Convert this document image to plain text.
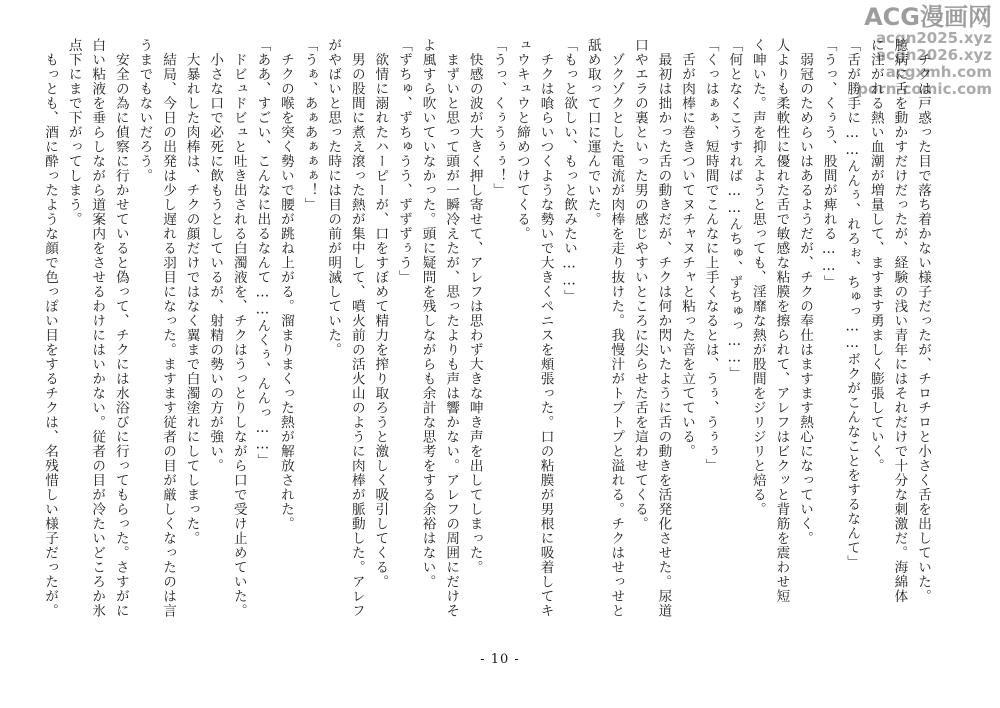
ACG漫画网
acgn2025.xyz
acgn2026.xyz
acgxmh.com
porn-comic.com

　チクは戸惑った目で落ち着かない様子だったが、チロチロと小さく舌を出していた。

臆病に舌を動かすだけだったが、経験の浅い青年にはそれだけで十分な刺激だ。海綿体

に注がれる熱い血潮が増量して、ますます勇ましく膨張していく。

「舌が勝手に……んんぅ、れろぉ、ちゅっ……ボクがこんなことをするなんて」

「うっ、くぅう、股間が痺れる……」

　弱冠のためらいはあるようだが、チクの奉仕はますます熱心になっていく。

人よりも柔軟性に優れた舌で敏感な粘膜を擦られて、アレフはビクッと背筋を震わせ短

く呻いた。声を抑えようと思っても、淫靡な熱が股間をジリジリと焙る。

「何となくこうすれば……んちゅ、ずちゅっ……」

「くっはぁぁ、短時間でこんなに上手くなるとは、うぅ、うぅぅ」

　舌が肉棒に巻きついてヌチャヌチャと粘った音を立てている。

　最初は拙かった舌の動きだが、チクは何か閃いたように舌の動きを活発化させた。尿道

口やエラの裏といった男の感じやすいところに尖らせた舌を這わせてくる。

　ゾクゾクとした電流が肉棒を走り抜けた。我慢汁がトプトプと溢れる。チクはせっせと

舐め取って口に運んでいた。

「もっと欲しい、もっと飲みたい……」

　チクは喰らいつくような勢いで大きくペニスを頬張った。口の粘膜が男根に吸着してキ

ュウキュウと締めつけてくる。

「うっ、くぅうぅぅ！」

　快感の波が大きく押し寄せて、アレフは思わず大きな呻き声を出してしまった。

　まずいと思って頭が一瞬冷えたが、思ったよりも声は響かない。アレフの周囲にだけそ

よ風すら吹いていなかった。頭に疑問を残しながらも余計な思考をする余裕はない。

「ずちゅ、ずちゅうう、ずずずぅう」

　欲情に溺れたハーピーが、口をすぼめて精力を搾り取ろうと激しく吸引してくる。

　男の股間に煮え滾った熱が集中して、噴火前の活火山のように肉棒が脈動した。アレフ

がやばいと思った時には目の前が明滅していた。

「うぁ、あぁあぁぁぁ！」

　チクの喉を突く勢いで腰が跳ね上がる。溜まりまくった熱が解放された。

「ああ、すごい、こんなに出るなんて……んくぅ、んんっ……」

　ドビュドビュと吐き出される白濁液を、チクはうっとりしながら口で受け止めていた。

　小さな口で必死に飲もうとしているが、射精の勢いの方が強い。

　大暴れした肉棒は、チクの顔だけではなく翼まで白濁塗れにしてしまった。

　結局、今日の出発は少し遅れる羽目になった。ますます従者の目が厳しくなったのは言

うまでもないだろう。

　安全の為に偵察に行かせていると偽って、チクには水浴びに行ってもらった。さすがに

白い粘液を垂らしながら道案内をさせるわけにはいかない。従者の目が冷たいどころか氷

点下にまで下がってしまう。

　もっとも、酒に酔ったような顔で色っぽい目をするチクは、名残惜しい様子だったが。

- 10 -
